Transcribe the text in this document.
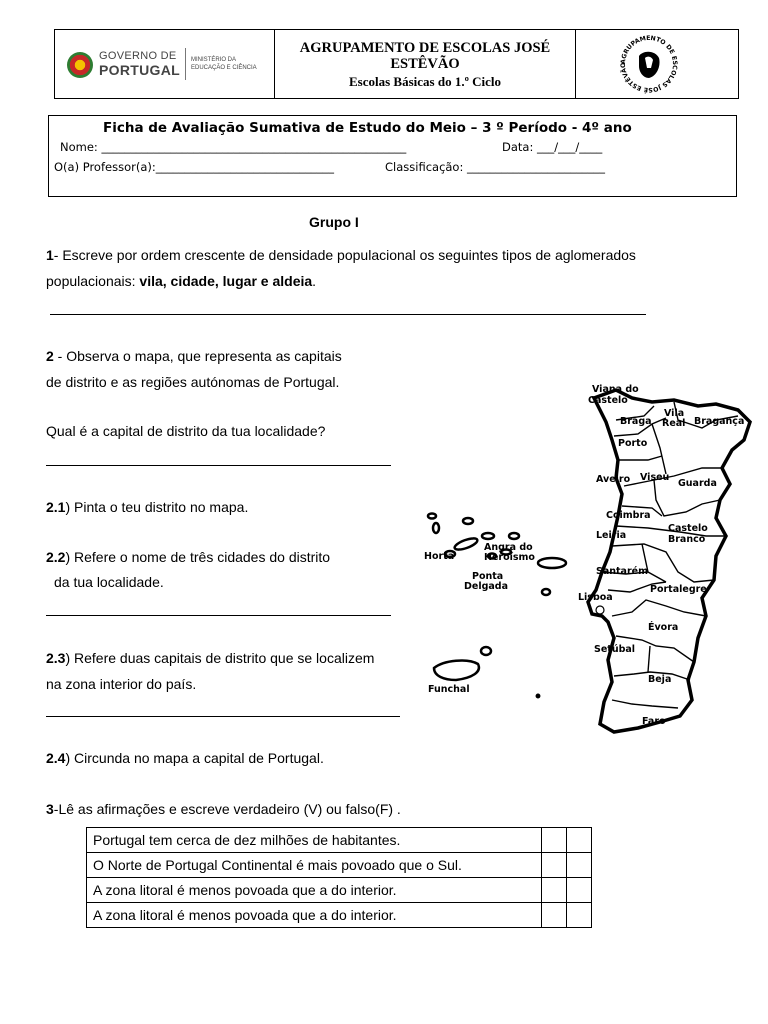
GOVERNO DE
PORTUGAL
MINISTÉRIO DA EDUCAÇÃO E CIÊNCIA
AGRUPAMENTO DE ESCOLAS JOSÉ ESTÊVÃO
Escolas Básicas do 1.º Ciclo
AGRUPAMENTO DE ESCOLAS JOSÉ ESTÊVÃO
Ficha de Avaliação Sumativa de Estudo do Meio – 3 º Período - 4º ano
Nome: _____________________________________________________	Data: ___/___/____
O(a) Professor(a):_______________________________	Classificação: ________________________
Grupo I
1- Escreve por ordem crescente de densidade populacional os seguintes tipos de aglomerados
populacionais: vila, cidade, lugar e aldeia.
2 - Observa o mapa, que representa as capitais
de distrito e as regiões autónomas de Portugal.
Qual é a capital de distrito da tua localidade?
2.1) Pinta o teu distrito no mapa.
2.2) Refere o nome de três cidades do distrito
da tua localidade.
2.3) Refere duas capitais de distrito que se localizem
na zona interior do país.
2.4) Circunda no mapa a capital de Portugal.
3-Lê as afirmações e escreve verdadeiro (V) ou falso(F) .
Portugal tem cerca de dez milhões de habitantes.		
O Norte de Portugal Continental é mais povoado que o Sul.		
A zona litoral é menos povoada que a do interior.		
A zona litoral é menos povoada que a do interior.		
Viana do
Castelo
Braga
Vila
Real Bragança
Porto
Aveiro Viseu
Guarda
Coimbra
Castelo
Branco
Leiria
Santarém
Portalegre
Lisboa
Évora
Setúbal
Beja
Faro
Horta
Angra do
Heroísmo
Ponta
Delgada
Funchal
